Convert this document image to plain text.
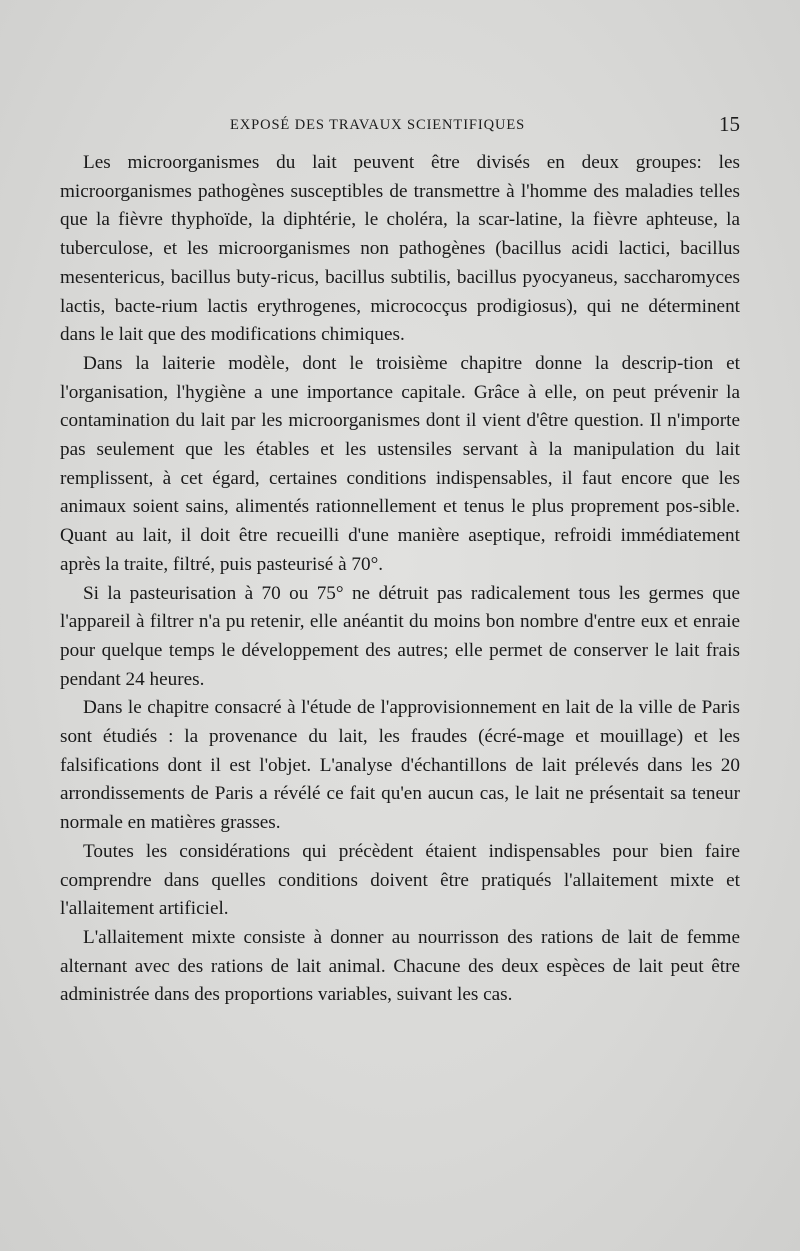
EXPOSÉ DES TRAVAUX SCIENTIFIQUES	15

Les microorganismes du lait peuvent être divisés en deux groupes: les microorganismes pathogènes susceptibles de transmettre à l'homme des maladies telles que la fièvre thyphoïde, la diphtérie, le choléra, la scar-latine, la fièvre aphteuse, la tuberculose, et les microorganismes non pathogènes (bacillus acidi lactici, bacillus mesentericus, bacillus buty-ricus, bacillus subtilis, bacillus pyocyaneus, saccharomyces lactis, bacte-rium lactis erythrogenes, micrococçus prodigiosus), qui ne déterminent dans le lait que des modifications chimiques.

Dans la laiterie modèle, dont le troisième chapitre donne la descrip-tion et l'organisation, l'hygiène a une importance capitale. Grâce à elle, on peut prévenir la contamination du lait par les microorganismes dont il vient d'être question. Il n'importe pas seulement que les étables et les ustensiles servant à la manipulation du lait remplissent, à cet égard, certaines conditions indispensables, il faut encore que les animaux soient sains, alimentés rationnellement et tenus le plus proprement pos-sible. Quant au lait, il doit être recueilli d'une manière aseptique, refroidi immédiatement après la traite, filtré, puis pasteurisé à 70°.

Si la pasteurisation à 70 ou 75° ne détruit pas radicalement tous les germes que l'appareil à filtrer n'a pu retenir, elle anéantit du moins bon nombre d'entre eux et enraie pour quelque temps le développement des autres; elle permet de conserver le lait frais pendant 24 heures.

Dans le chapitre consacré à l'étude de l'approvisionnement en lait de la ville de Paris sont étudiés : la provenance du lait, les fraudes (écré-mage et mouillage) et les falsifications dont il est l'objet. L'analyse d'échantillons de lait prélevés dans les 20 arrondissements de Paris a révélé ce fait qu'en aucun cas, le lait ne présentait sa teneur normale en matières grasses.

Toutes les considérations qui précèdent étaient indispensables pour bien faire comprendre dans quelles conditions doivent être pratiqués l'allaitement mixte et l'allaitement artificiel.

L'allaitement mixte consiste à donner au nourrisson des rations de lait de femme alternant avec des rations de lait animal. Chacune des deux espèces de lait peut être administrée dans des proportions variables, suivant les cas.
